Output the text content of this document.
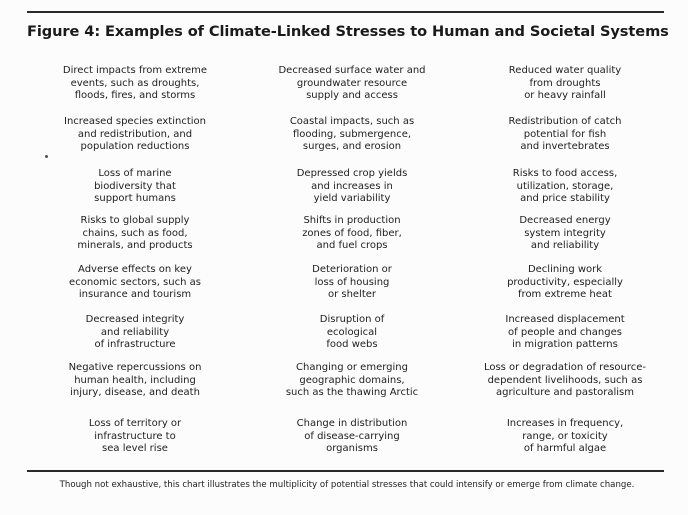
Figure 4: Examples of Climate-Linked Stresses to Human and Societal Systems
Direct impacts from extreme
events, such as droughts,
floods, fires, and storms
Decreased surface water and
groundwater resource
supply and access
Reduced water quality
from droughts
or heavy rainfall
Increased species extinction
and redistribution, and
population reductions
Coastal impacts, such as
flooding, submergence,
surges, and erosion
Redistribution of catch
potential for fish
and invertebrates
Loss of marine
biodiversity that
support humans
Depressed crop yields
and increases in
yield variability
Risks to food access,
utilization, storage,
and price stability
Risks to global supply
chains, such as food,
minerals, and products
Shifts in production
zones of food, fiber,
and fuel crops
Decreased energy
system integrity
and reliability
Adverse effects on key
economic sectors, such as
insurance and tourism
Deterioration or
loss of housing
or shelter
Declining work
productivity, especially
from extreme heat
Decreased integrity
and reliability
of infrastructure
Disruption of
ecological
food webs
Increased displacement
of people and changes
in migration patterns
Negative repercussions on
human health, including
injury, disease, and death
Changing or emerging
geographic domains,
such as the thawing Arctic
Loss or degradation of resource-
dependent livelihoods, such as
agriculture and pastoralism
Loss of territory or
infrastructure to
sea level rise
Change in distribution
of disease-carrying
organisms
Increases in frequency,
range, or toxicity
of harmful algae
Though not exhaustive, this chart illustrates the multiplicity of potential stresses that could intensify or emerge from climate change.
